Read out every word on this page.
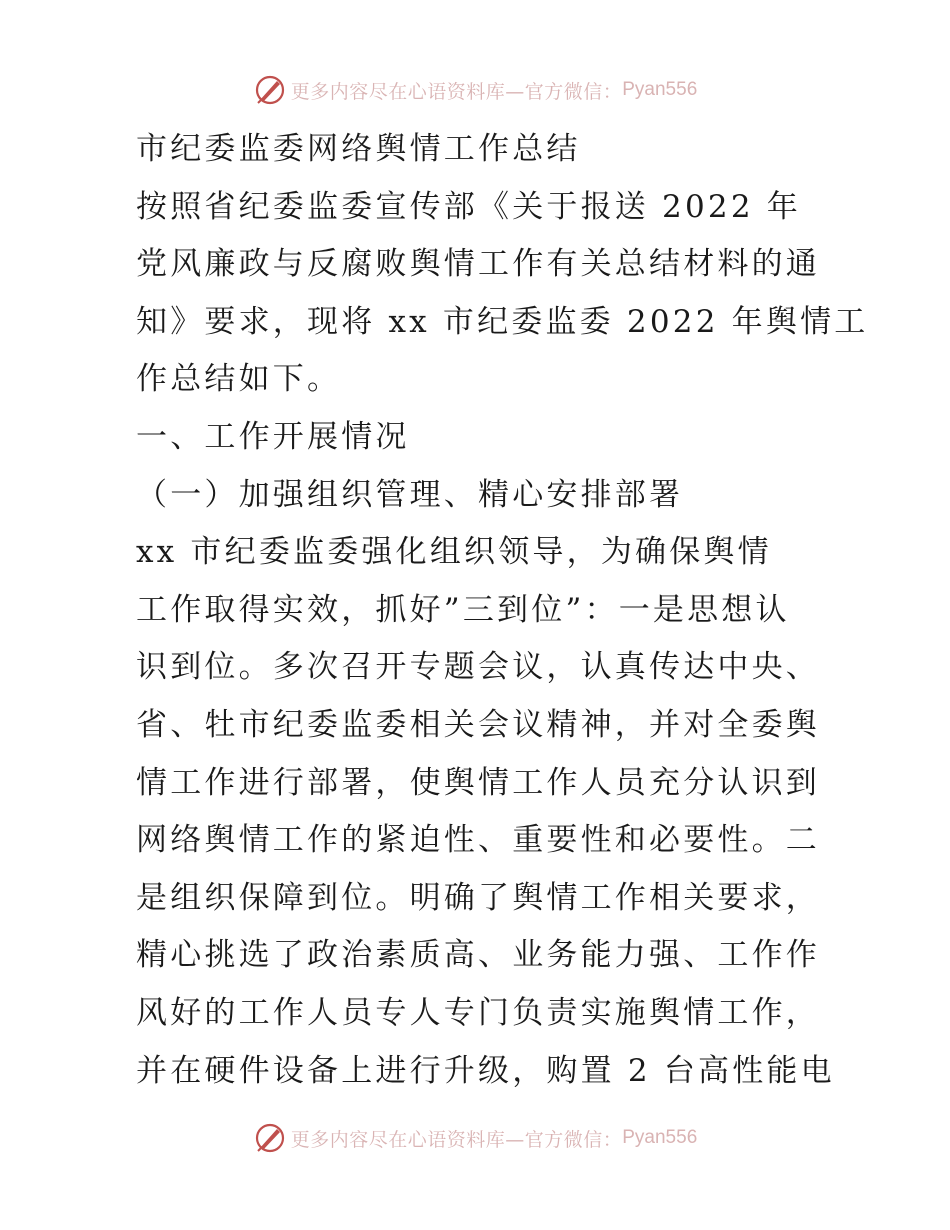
更多内容尽在心语资料库—官方微信： Pyan556
市纪委监委网络舆情工作总结
按照省纪委监委宣传部《关于报送 2022 年
党风廉政与反腐败舆情工作有关总结材料的通
知》要求，现将 xx 市纪委监委 2022 年舆情工
作总结如下。
一、工作开展情况
（一）加强组织管理、精心安排部署
xx 市纪委监委强化组织领导，为确保舆情
工作取得实效，抓好”三到位”：一是思想认
识到位。多次召开专题会议，认真传达中央、
省、牡市纪委监委相关会议精神，并对全委舆
情工作进行部署，使舆情工作人员充分认识到
网络舆情工作的紧迫性、重要性和必要性。二
是组织保障到位。明确了舆情工作相关要求，
精心挑选了政治素质高、业务能力强、工作作
风好的工作人员专人专门负责实施舆情工作，
并在硬件设备上进行升级，购置 2 台高性能电
更多内容尽在心语资料库—官方微信： Pyan556
